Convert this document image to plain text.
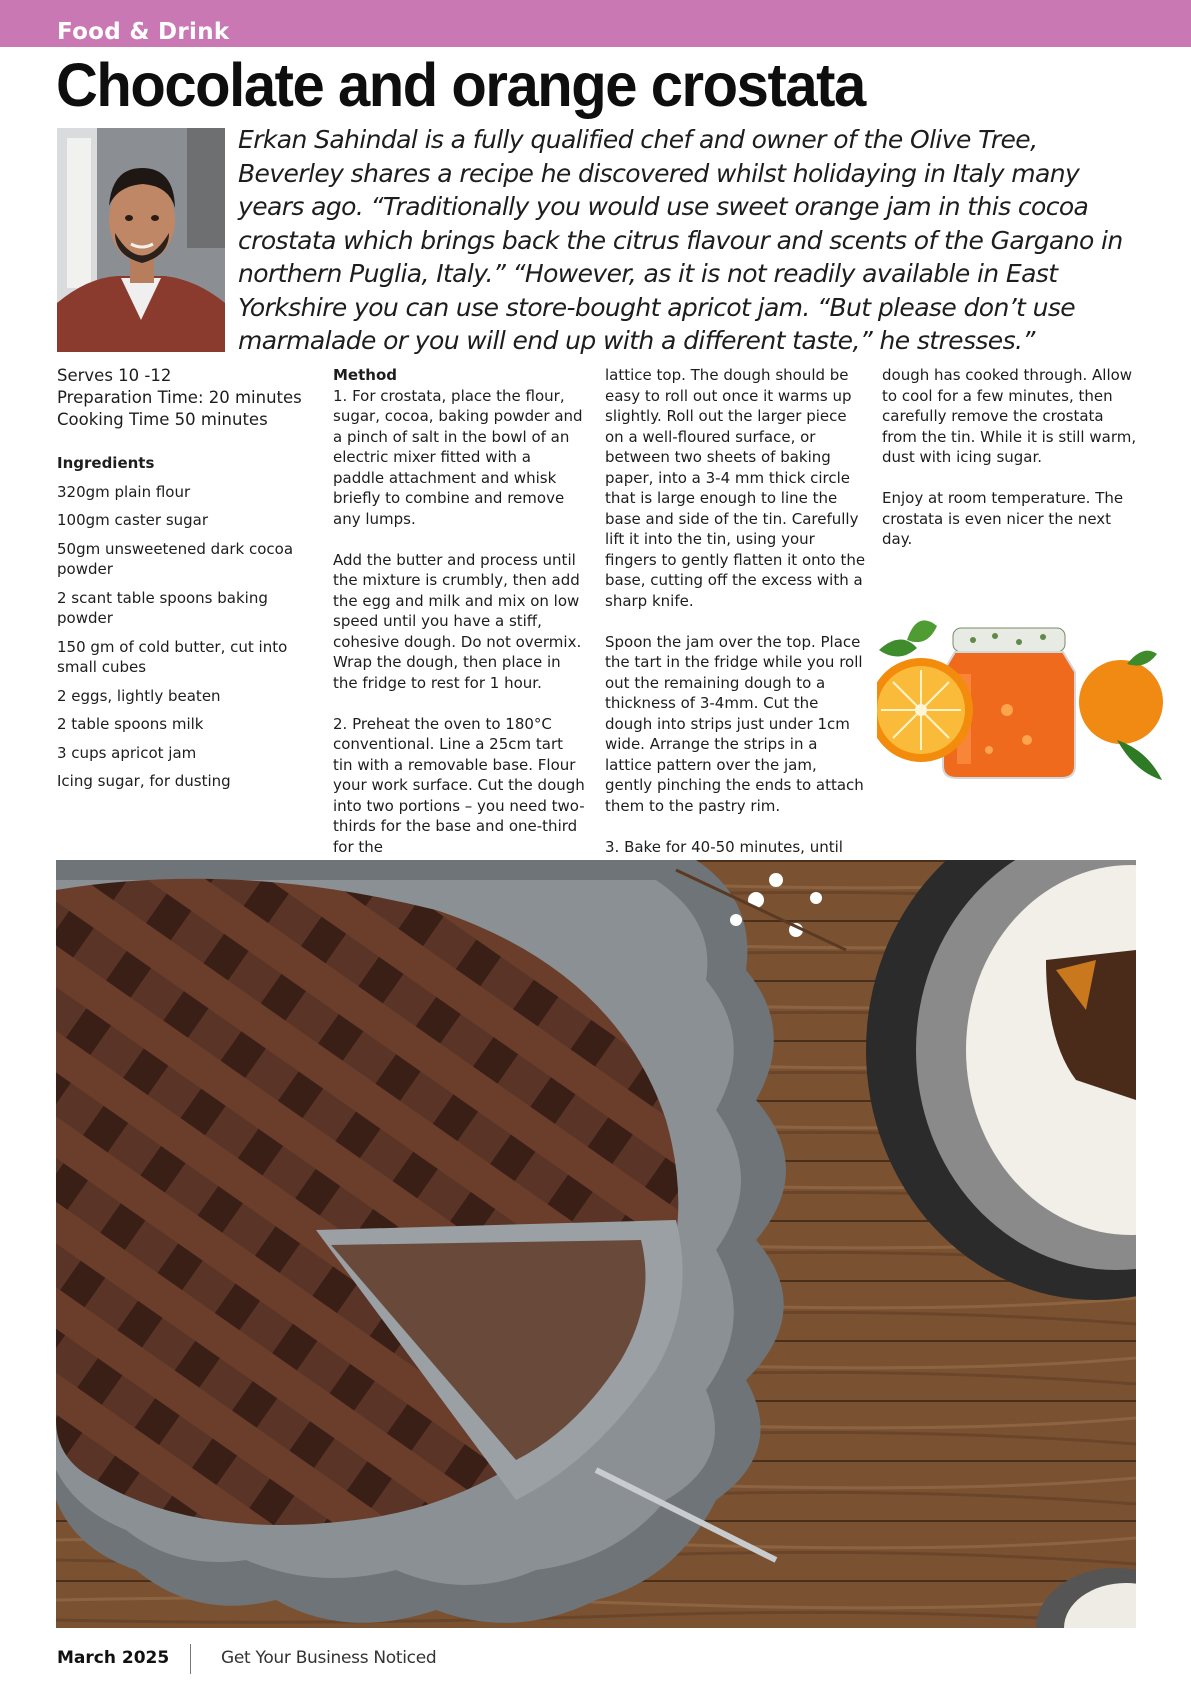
Food & Drink
Chocolate and orange crostata
Erkan Sahindal is a fully qualified chef and owner of the Olive Tree, Beverley shares a recipe he discovered whilst holidaying in Italy many years ago. “Traditionally you would use sweet orange jam in this cocoa crostata which brings back the citrus flavour and scents of the Gargano in northern Puglia, Italy.” “However, as it is not readily available in East Yorkshire you can use store-bought apricot jam. “But please don’t use marmalade or you will end up with a different taste,” he stresses.”
Serves 10 -12
Preparation Time: 20 minutes
Cooking Time 50 minutes
Ingredients
320gm plain flour
100gm caster sugar
50gm unsweetened dark cocoa powder
2 scant table spoons baking powder
150 gm of cold butter, cut into small cubes
2 eggs, lightly beaten
2 table spoons milk
3 cups apricot jam
Icing sugar, for dusting
Method

1. For crostata, place the flour, sugar, cocoa, baking powder and a pinch of salt in the bowl of an electric mixer fitted with a paddle attachment and whisk briefly to combine and remove any lumps.

Add the butter and process until the mixture is crumbly, then add the egg and milk and mix on low speed until you have a stiff, cohesive dough. Do not overmix. Wrap the dough, then place in the fridge to rest for 1 hour.

2. Preheat the oven to 180°C conventional. Line a 25cm tart tin with a removable base. Flour your work surface. Cut the dough into two portions – you need two-thirds for the base and one-third for the

lattice top. The dough should be easy to roll out once it warms up slightly. Roll out the larger piece on a well-floured surface, or between two sheets of baking paper, into a 3-4 mm thick circle that is large enough to line the base and side of the tin. Carefully lift it into the tin, using your fingers to gently flatten it onto the base, cutting off the excess with a sharp knife.

Spoon the jam over the top. Place the tart in the fridge while you roll out the remaining dough to a thickness of 3-4mm. Cut the dough into strips just under 1cm wide. Arrange the strips in a lattice pattern over the jam, gently pinching the ends to attach them to the pastry rim.

3. Bake for 40-50 minutes, until

dough has cooked through. Allow to cool for a few minutes, then carefully remove the crostata from the tin. While it is still warm, dust with icing sugar.

Enjoy at room temperature. The crostata is even nicer the next day.

March 2025	Get Your Business Noticed
